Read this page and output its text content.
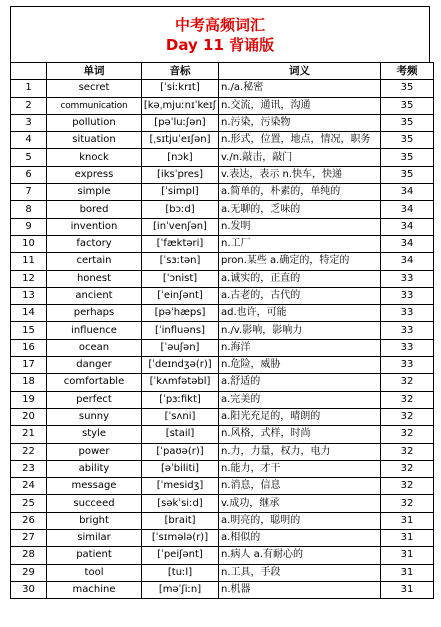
中考高频词汇
Day 11 背诵版
	单词	音标	词义	考频
1	secret	[ˈsiːkrɪt]	n./a.秘密	35
2	communication	[kəˌmjuːnɪˈkeɪʃ	n.交流，通讯，沟通	35
3	pollution	[pəˈluːʃən]	n.污染，污染物	35
4	situation	[ˌsɪtjuˈeɪʃən]	n.形式，位置，地点，情况，职务	35
5	knock	[nɔk]	v./n.敲击，敲门	35
6	express	[iksˈpres]	v.表达，表示 n.快车，快递	35
7	simple	[ˈsimpl]	a.简单的，朴素的，单纯的	34
8	bored	[bɔːd]	a.无聊的，乏味的	34
9	invention	[inˈvenʃən]	n.发明	34
10	factory	[ˈfæktəri]	n.工厂	34
11	certain	[ˈsɜːtən]	pron.某些 a.确定的，特定的	34
12	honest	[ˈɔnist]	a.诚实的，正直的	33
13	ancient	[ˈeinʃənt]	a.古老的，古代的	33
14	perhaps	[pəˈhæps]	ad.也许，可能	33
15	influence	[ˈinfluəns]	n./v.影响，影响力	33
16	ocean	[ˈəuʃən]	n.海洋	33
17	danger	[ˈdeɪndʒə(r)]	n.危险，威胁	33
18	comfortable	[ˈkʌmfətəbl]	a.舒适的	32
19	perfect	[ˈpɜːfikt]	a.完美的	32
20	sunny	[ˈsʌni]	a.阳光充足的，晴朗的	32
21	style	[stail]	n.风格，式样，时尚	32
22	power	[ˈpaʊə(r)]	n.力，力量，权力，电力	32
23	ability	[əˈbiliti]	n.能力，才干	32
24	message	[ˈmesidʒ]	n.消息，信息	32
25	succeed	[səkˈsiːd]	v.成功，继承	32
26	bright	[brait]	a.明亮的，聪明的	31
27	similar	[ˈsɪmələ(r)]	a.相似的	31
28	patient	[ˈpeiʃənt]	n.病人 a.有耐心的	31
29	tool	[tuːl]	n.工具，手段	31
30	machine	[məˈʃiːn]	n.机器	31
